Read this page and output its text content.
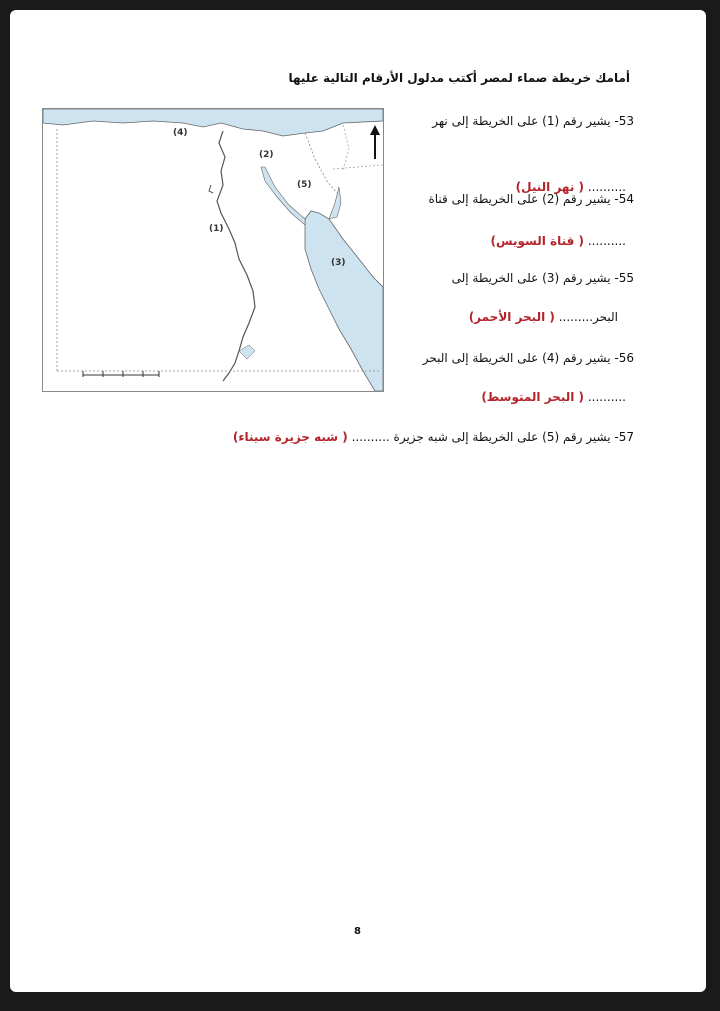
أمامك خريطة صماء لمصر أكتب مدلول الأرقام التالية عليها
(4)
(2)
(5)
(1)
(3)
53- يشير رقم (1) على الخريطة إلى نهر
.......... ( نهر النيل)
54- يشير رقم (2) على الخريطة إلى قناة
.......... ( قناة السويس)
55- يشير رقم (3) على الخريطة إلى
البحر......... ( البحر الأحمر)
56- يشير رقم (4) على الخريطة إلى البحر
.......... ( البحر المتوسط)
57- يشير رقم (5) على الخريطة إلى شبه جزيرة .......... ( شبه جزيرة سيناء)
8
